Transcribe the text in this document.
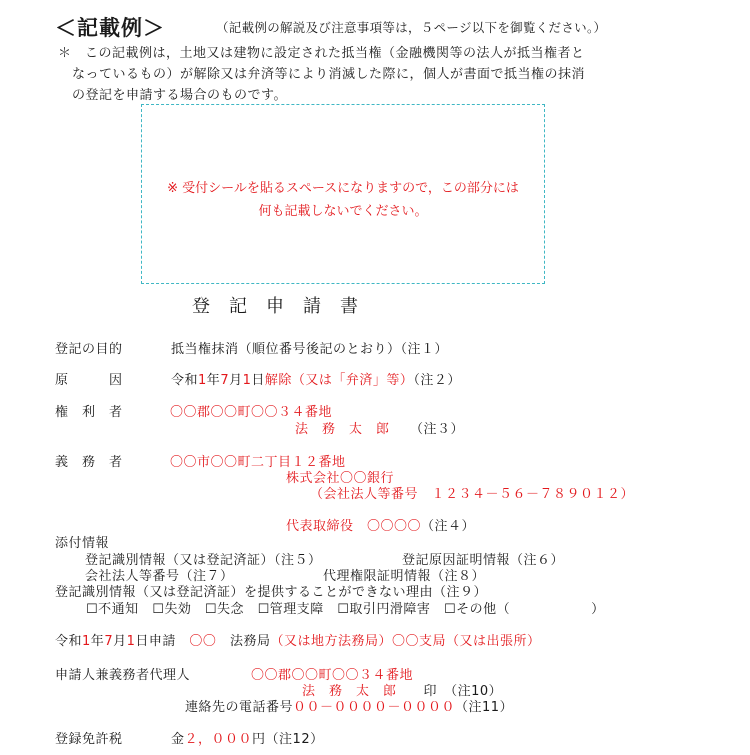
＜記載例＞	（記載例の解説及び注意事項等は，５ページ以下を御覧ください。）
＊　この記載例は，土地又は建物に設定された抵当権（金融機関等の法人が抵当権者と
なっているもの）が解除又は弁済等により消滅した際に，個人が書面で抵当権の抹消
の登記を申請する場合のものです。
※ 受付シールを貼るスペースになりますので，この部分には
何も記載しないでください。
登記申請書
登記の目的	抵当権抹消（順位番号後記のとおり）（注１）
原　　　因	令和1年7月1日解除（又は「弁済」等）（注２）
権　利　者	〇〇郡〇〇町〇〇３４番地
法　務　太　郎　　 （注３）
義　務　者	〇〇市〇〇町二丁目１２番地
株式会社〇〇銀行
（会社法人等番号　１２３４－５６－７８９０１２）
代表取締役　 〇〇〇〇（注４）
添付情報
登記識別情報（又は登記済証）（注５）	登記原因証明情報（注６）
会社法人等番号（注７）	代理権限証明情報（注８）
登記識別情報（又は登記済証）を提供することができない理由（注９）
☐不通知　 ☐失効　 ☐失念　 ☐管理支障　 ☐取引円滑障害　 ☐その他（　　　　　　）
令和1年7月1日申請　 〇〇　 法務局（又は地方法務局）〇〇支局（又は出張所）
申請人兼義務者代理人	〇〇郡〇〇町〇〇３４番地
法　務　太　郎　　 印　 （注10）
連絡先の電話番号００－００００－００００（注11）
登録免許税	金２，０００円（注12）
